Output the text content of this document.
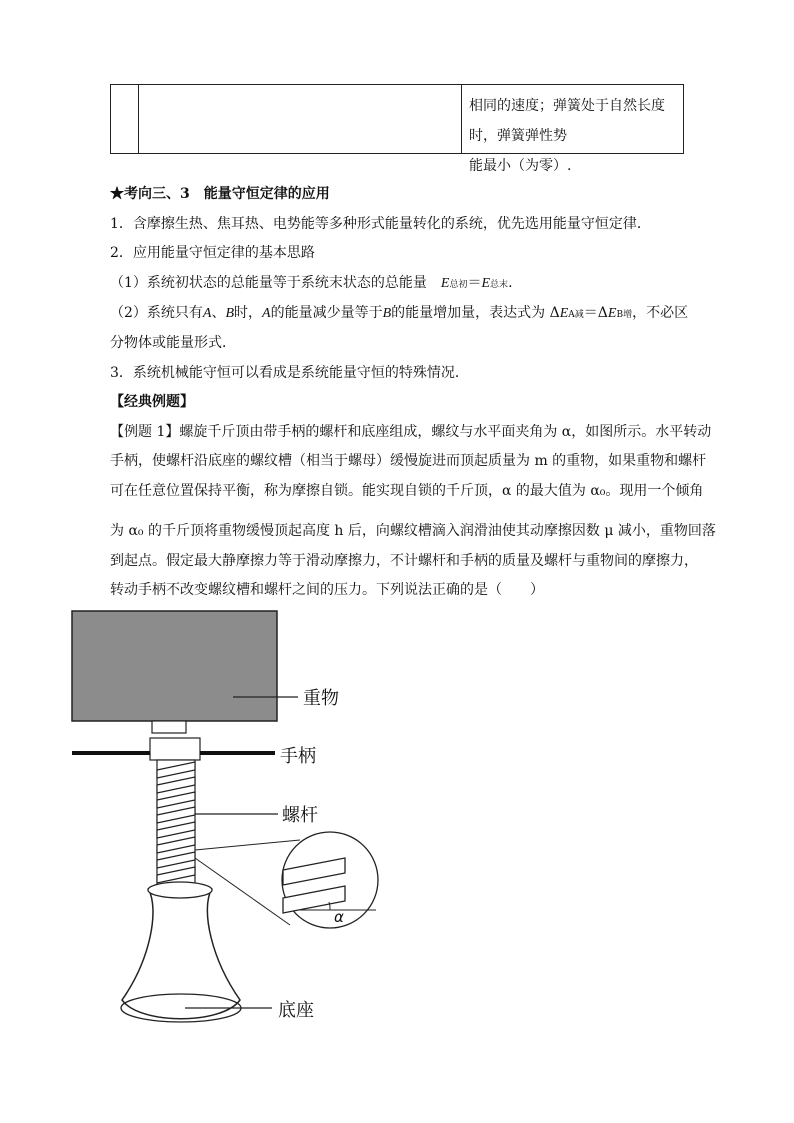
相同的速度；弹簧处于自然长度时，弹簧弹性势
能最小（为零）.
★考向三、3　能量守恒定律的应用
1．含摩擦生热、焦耳热、电势能等多种形式能量转化的系统，优先选用能量守恒定律．
2．应用能量守恒定律的基本思路
（1）系统初状态的总能量等于系统末状态的总能量　E总初＝E总末.
（2）系统只有A、B时，A的能量减少量等于B的能量增加量，表达式为 ΔEA减＝ΔEB增，不必区
分物体或能量形式．
3．系统机械能守恒可以看成是系统能量守恒的特殊情况．
【经典例题】
【例题 1】螺旋千斤顶由带手柄的螺杆和底座组成，螺纹与水平面夹角为 α，如图所示。水平转动
手柄，使螺杆沿底座的螺纹槽（相当于螺母）缓慢旋进而顶起质量为 m 的重物，如果重物和螺杆
可在任意位置保持平衡，称为摩擦自锁。能实现自锁的千斤顶，α 的最大值为 α₀。现用一个倾角
为 α₀ 的千斤顶将重物缓慢顶起高度 h 后，向螺纹槽滴入润滑油使其动摩擦因数 μ 减小，重物回落
到起点。假定最大静摩擦力等于滑动摩擦力，不计螺杆和手柄的质量及螺杆与重物间的摩擦力，
转动手柄不改变螺纹槽和螺杆之间的压力。下列说法正确的是（　　）
重物
手柄
螺杆
底座
α
